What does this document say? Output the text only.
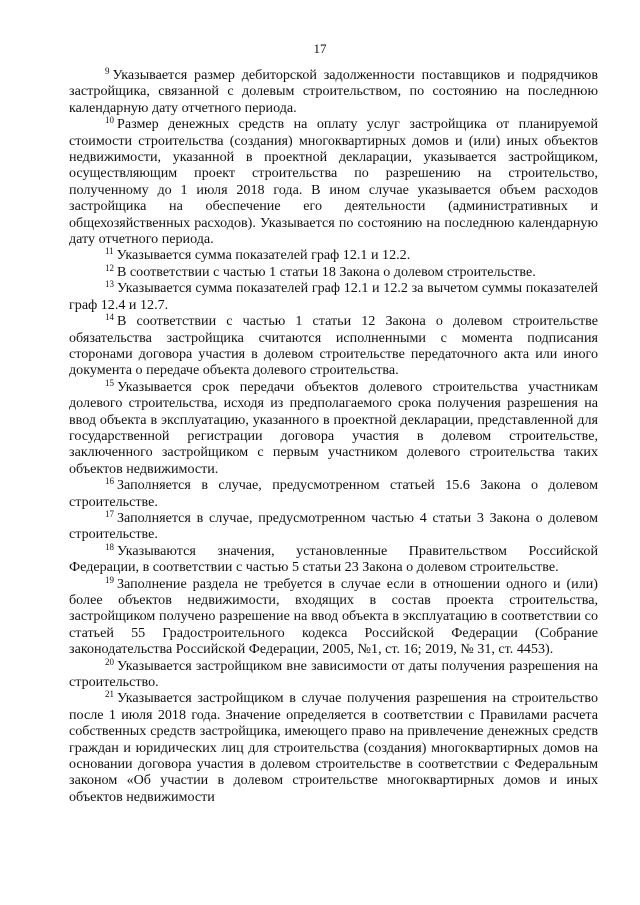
17

$^9$ Указывается размер дебиторской задолженности поставщиков и подрядчиков застройщика, связанной с долевым строительством, по состоянию на последнюю календарную дату отчетного периода.

$^{10}$ Размер денежных средств на оплату услуг застройщика от планируемой стоимости строительства (создания) многоквартирных домов и (или) иных объектов недвижимости, указанной в проектной декларации, указывается застройщиком, осуществляющим проект строительства по разрешению на строительство, полученному до 1 июля 2018 года. В ином случае указывается объем расходов застройщика на обеспечение его деятельности (административных и общехозяйственных расходов). Указывается по состоянию на последнюю календарную дату отчетного периода.

$^{11}$ Указывается сумма показателей граф 12.1 и 12.2.

$^{12}$ В соответствии с частью 1 статьи 18 Закона о долевом строительстве.

$^{13}$ Указывается сумма показателей граф 12.1 и 12.2 за вычетом суммы показателей граф 12.4 и 12.7.

$^{14}$ В соответствии с частью 1 статьи 12 Закона о долевом строительстве обязательства застройщика считаются исполненными с момента подписания сторонами договора участия в долевом строительстве передаточного акта или иного документа о передаче объекта долевого строительства.

$^{15}$ Указывается срок передачи объектов долевого строительства участникам долевого строительства, исходя из предполагаемого срока получения разрешения на ввод объекта в эксплуатацию, указанного в проектной декларации, представленной для государственной регистрации договора участия в долевом строительстве, заключенного застройщиком с первым участником долевого строительства таких объектов недвижимости.

$^{16}$ Заполняется в случае, предусмотренном статьей 15.6 Закона о долевом строительстве.

$^{17}$ Заполняется в случае, предусмотренном частью 4 статьи 3 Закона о долевом строительстве.

$^{18}$ Указываются значения, установленные Правительством Российской Федерации, в соответствии с частью 5 статьи 23 Закона о долевом строительстве.

$^{19}$ Заполнение раздела не требуется в случае если в отношении одного и (или) более объектов недвижимости, входящих в состав проекта строительства, застройщиком получено разрешение на ввод объекта в эксплуатацию в соответствии со статьей 55 Градостроительного кодекса Российской Федерации (Собрание законодательства Российской Федерации, 2005, №1, ст. 16; 2019, № 31, ст. 4453).

$^{20}$ Указывается застройщиком вне зависимости от даты получения разрешения на строительство.

$^{21}$ Указывается застройщиком в случае получения разрешения на строительство после 1 июля 2018 года. Значение определяется в соответствии с Правилами расчета собственных средств застройщика, имеющего право на привлечение денежных средств граждан и юридических лиц для строительства (создания) многоквартирных домов на основании договора участия в долевом строительстве в соответствии с Федеральным законом «Об участии в долевом строительстве многоквартирных домов и иных объектов недвижимости
